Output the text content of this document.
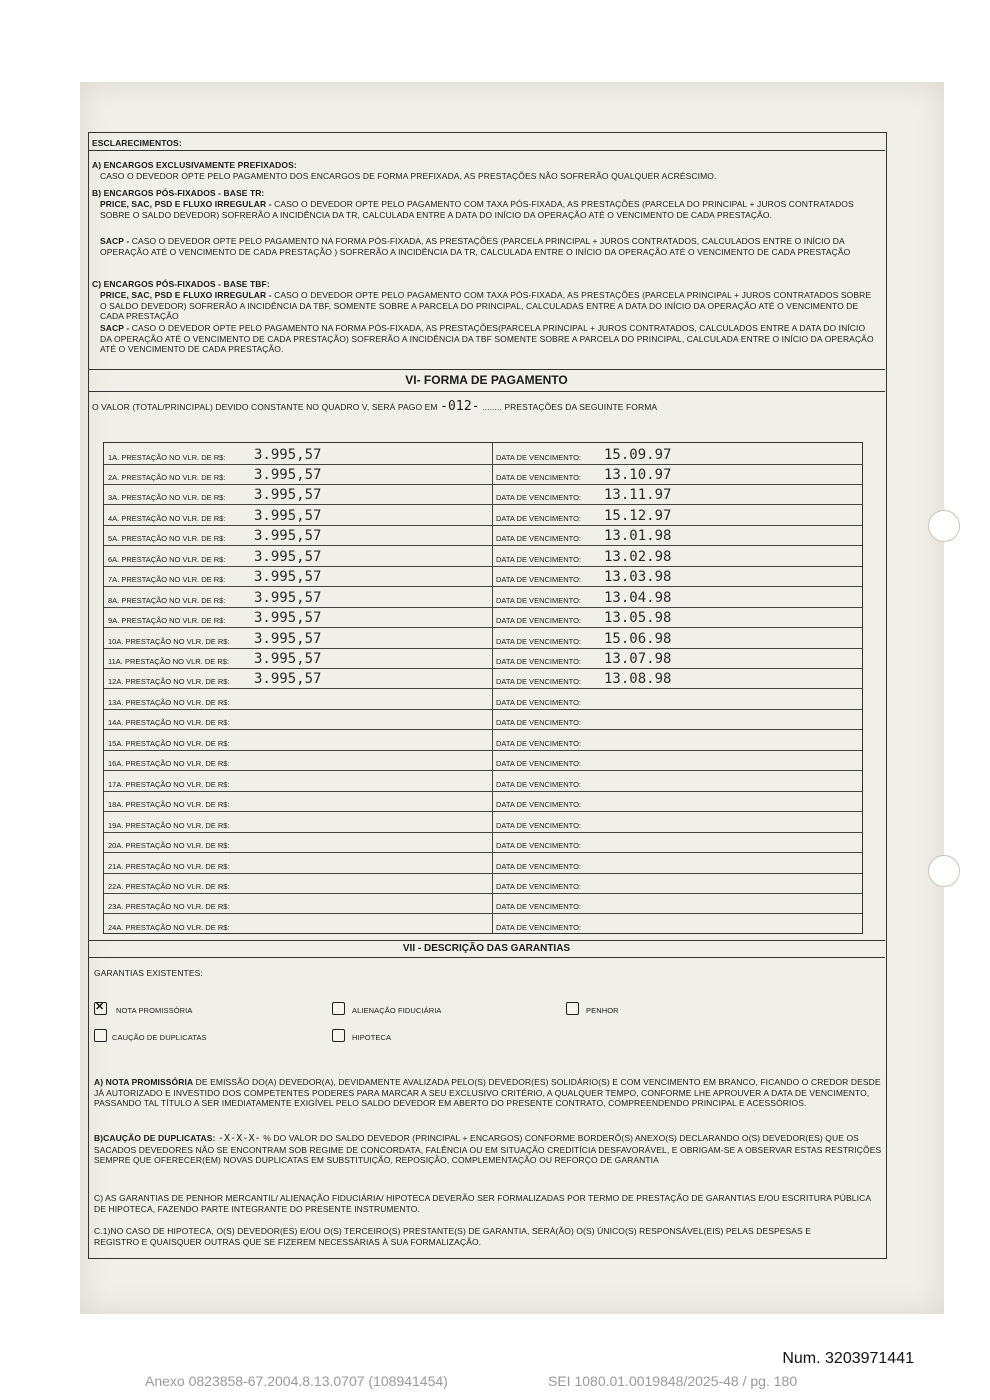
ESCLARECIMENTOS:
A) ENCARGOS EXCLUSIVAMENTE PREFIXADOS:
CASO O DEVEDOR OPTE PELO PAGAMENTO DOS ENCARGOS DE FORMA PREFIXADA, AS PRESTAÇÕES NÃO SOFRERÃO QUALQUER ACRÉSCIMO.
B) ENCARGOS PÓS-FIXADOS - BASE TR:
PRICE, SAC, PSD E FLUXO IRREGULAR - CASO O DEVEDOR OPTE PELO PAGAMENTO COM TAXA PÓS-FIXADA, AS PRESTAÇÕES (PARCELA DO PRINCIPAL + JUROS CONTRATADOS SOBRE O SALDO DEVEDOR) SOFRERÃO A INCIDÊNCIA DA TR, CALCULADA ENTRE A DATA DO INÍCIO DA OPERAÇÃO ATÉ O VENCIMENTO DE CADA PRESTAÇÃO.
SACP - CASO O DEVEDOR OPTE PELO PAGAMENTO NA FORMA PÓS-FIXADA, AS PRESTAÇÕES (PARCELA PRINCIPAL + JUROS CONTRATADOS, CALCULADOS ENTRE O INÍCIO DA OPERAÇÃO ATÉ O VENCIMENTO DE CADA PRESTAÇÃO ) SOFRERÃO A INCIDÊNCIA DA TR, CALCULADA ENTRE O INÍCIO DA OPERAÇÃO ATÉ O VENCIMENTO DE CADA PRESTAÇÃO
C) ENCARGOS PÓS-FIXADOS - BASE TBF:
PRICE, SAC, PSD E FLUXO IRREGULAR - CASO O DEVEDOR OPTE PELO PAGAMENTO COM TAXA PÓS-FIXADA, AS PRESTAÇÕES (PARCELA PRINCIPAL + JUROS CONTRATADOS SOBRE O SALDO DEVEDOR) SOFRERÃO A INCIDÊNCIA DA TBF, SOMENTE SOBRE A PARCELA DO PRINCIPAL, CALCULADAS ENTRE A DATA DO INÍCIO DA OPERAÇÃO ATÉ O VENCIMENTO DE CADA PRESTAÇÃO
SACP - CASO O DEVEDOR OPTE PELO PAGAMENTO NA FORMA PÓS-FIXADA, AS PRESTAÇÕES(PARCELA PRINCIPAL + JUROS CONTRATADOS, CALCULADOS ENTRE A DATA DO INÍCIO DA OPERAÇÃO ATÉ O VENCIMENTO DE CADA PRESTAÇÃO) SOFRERÃO A INCIDÊNCIA DA TBF SOMENTE SOBRE A PARCELA DO PRINCIPAL, CALCULADA ENTRE O INÍCIO DA OPERAÇÃO ATÉ O VENCIMENTO DE CADA PRESTAÇÃO.
VI- FORMA DE PAGAMENTO
O VALOR (TOTAL/PRINCIPAL) DEVIDO CONSTANTE NO QUADRO V, SERÁ PAGO EM -012- ........ PRESTAÇÕES DA SEGUINTE FORMA
1A. PRESTAÇÃO NO VLR. DE R$: 3.995,57	DATA DE VENCIMENTO: 15.09.97
2A. PRESTAÇÃO NO VLR. DE R$: 3.995,57	DATA DE VENCIMENTO: 13.10.97
3A. PRESTAÇÃO NO VLR. DE R$: 3.995,57	DATA DE VENCIMENTO: 13.11.97
4A. PRESTAÇÃO NO VLR. DE R$: 3.995,57	DATA DE VENCIMENTO: 15.12.97
5A. PRESTAÇÃO NO VLR. DE R$: 3.995,57	DATA DE VENCIMENTO: 13.01.98
6A. PRESTAÇÃO NO VLR. DE R$: 3.995,57	DATA DE VENCIMENTO: 13.02.98
7A. PRESTAÇÃO NO VLR. DE R$: 3.995,57	DATA DE VENCIMENTO: 13.03.98
8A. PRESTAÇÃO NO VLR. DE R$: 3.995,57	DATA DE VENCIMENTO: 13.04.98
9A. PRESTAÇÃO NO VLR. DE R$: 3.995,57	DATA DE VENCIMENTO: 13.05.98
10A. PRESTAÇÃO NO VLR. DE R$: 3.995,57	DATA DE VENCIMENTO: 15.06.98
11A. PRESTAÇÃO NO VLR. DE R$: 3.995,57	DATA DE VENCIMENTO: 13.07.98
12A. PRESTAÇÃO NO VLR. DE R$: 3.995,57	DATA DE VENCIMENTO: 13.08.98
13A. PRESTAÇÃO NO VLR. DE R$:	DATA DE VENCIMENTO:
14A. PRESTAÇÃO NO VLR. DE R$:	DATA DE VENCIMENTO:
15A. PRESTAÇÃO NO VLR. DE R$:	DATA DE VENCIMENTO:
16A. PRESTAÇÃO NO VLR. DE R$:	DATA DE VENCIMENTO:
17A. PRESTAÇÃO NO VLR. DE R$:	DATA DE VENCIMENTO:
18A. PRESTAÇÃO NO VLR. DE R$:	DATA DE VENCIMENTO:
19A. PRESTAÇÃO NO VLR. DE R$:	DATA DE VENCIMENTO:
20A. PRESTAÇÃO NO VLR. DE R$:	DATA DE VENCIMENTO:
21A. PRESTAÇÃO NO VLR. DE R$:	DATA DE VENCIMENTO:
22A. PRESTAÇÃO NO VLR. DE R$:	DATA DE VENCIMENTO:
23A. PRESTAÇÃO NO VLR. DE R$:	DATA DE VENCIMENTO:
24A. PRESTAÇÃO NO VLR. DE R$:	DATA DE VENCIMENTO:
VII - DESCRIÇÃO DAS GARANTIAS
GARANTIAS EXISTENTES:
✕ NOTA PROMISSÓRIA	ALIENAÇÃO FIDUCIÁRIA	PENHOR
CAUÇÃO DE DUPLICATAS	HIPOTECA
A) NOTA PROMISSÓRIA DE EMISSÃO DO(A) DEVEDOR(A), DEVIDAMENTE AVALIZADA PELO(S) DEVEDOR(ES) SOLIDÁRIO(S) E COM VENCIMENTO EM BRANCO, FICANDO O CREDOR DESDE JÁ AUTORIZADO E INVESTIDO DOS COMPETENTES PODERES PARA MARCAR A SEU EXCLUSIVO CRITÉRIO, A QUALQUER TEMPO, CONFORME LHE APROUVER A DATA DE VENCIMENTO, PASSANDO TAL TÍTULO A SER IMEDIATAMENTE EXIGÍVEL PELO SALDO DEVEDOR EM ABERTO DO PRESENTE CONTRATO, COMPREENDENDO PRINCIPAL E ACESSÓRIOS.
B)CAUÇÃO DE DUPLICATAS: -X-X-X- % DO VALOR DO SALDO DEVEDOR (PRINCIPAL + ENCARGOS) CONFORME BORDERÔ(S) ANEXO(S) DECLARANDO O(S) DEVEDOR(ES) QUE OS SACADOS DEVEDORES NÃO SE ENCONTRAM SOB REGIME DE CONCORDATA, FALÊNCIA OU EM SITUAÇÃO CREDITÍCIA DESFAVORÁVEL, E OBRIGAM-SE A OBSERVAR ESTAS RESTRIÇÕES SEMPRE QUE OFERECER(EM) NOVAS DUPLICATAS EM SUBSTITUIÇÃO, REPOSIÇÃO, COMPLEMENTAÇÃO OU REFORÇO DE GARANTIA
C) AS GARANTIAS DE PENHOR MERCANTIL/ ALIENAÇÃO FIDUCIÁRIA/ HIPOTECA DEVERÃO SER FORMALIZADAS POR TERMO DE PRESTAÇÃO DE GARANTIAS E/OU ESCRITURA PÚBLICA DE HIPOTECA, FAZENDO PARTE INTEGRANTE DO PRESENTE INSTRUMENTO.
C.1)NO CASO DE HIPOTECA, O(S) DEVEDOR(ES) E/OU O(S) TERCEIRO(S) PRESTANTE(S) DE GARANTIA, SERÁ(ÃO) O(S) ÚNICO(S) RESPONSÁVEL(EIS) PELAS DESPESAS E REGISTRO E QUAISQUER OUTRAS QUE SE FIZEREM NECESSÁRIAS À SUA FORMALIZAÇÃO.
Num. 3203971441
Anexo 0823858-67.2004.8.13.0707 (108941454)	SEI 1080.01.0019848/2025-48 / pg. 180
